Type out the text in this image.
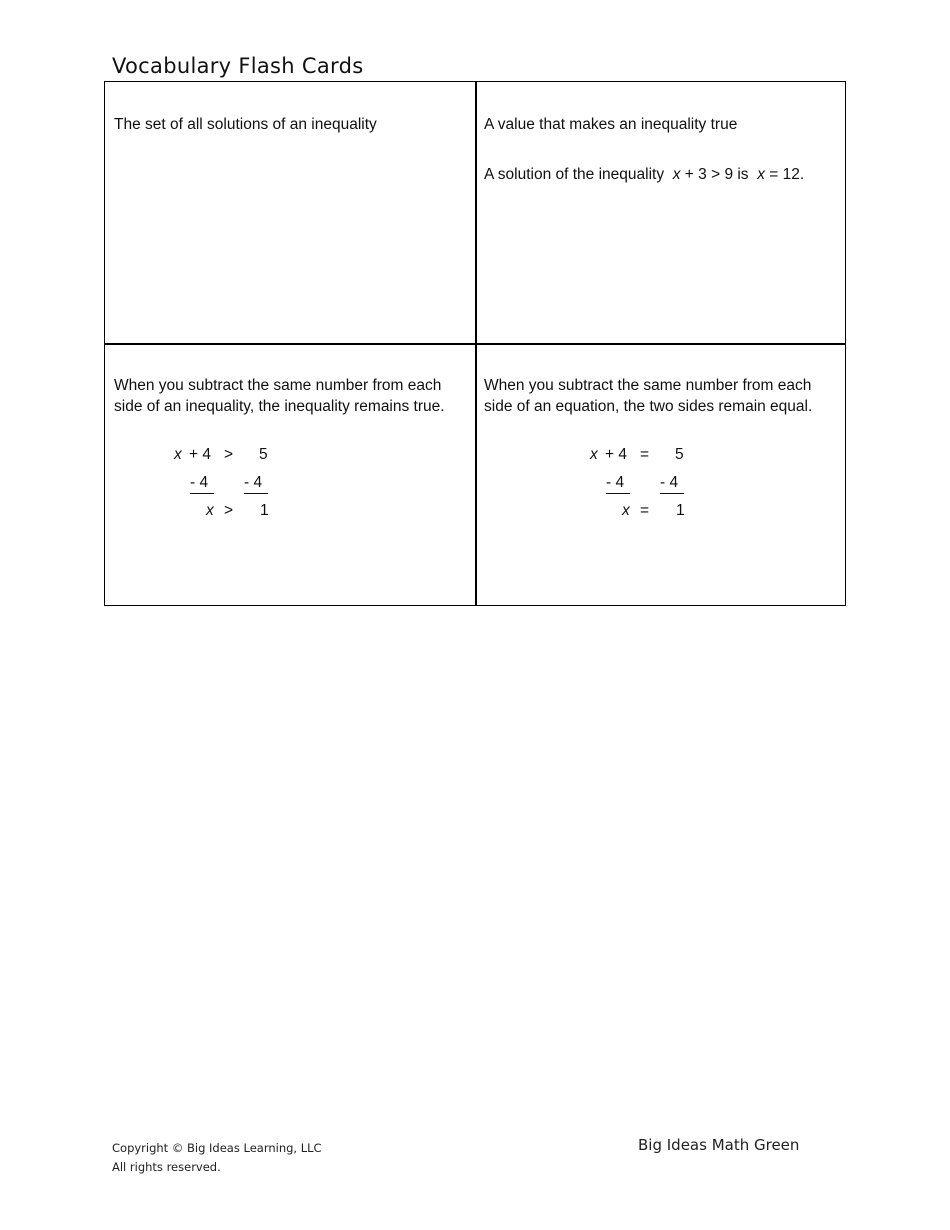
Vocabulary Flash Cards

The set of all solutions of an inequality	A value that makes an inequality true

A solution of the inequality x + 3 > 9 is x = 12.

When you subtract the same number from each

side of an inequality, the inequality remains true.

x + 4 > 5
- 4	- 4
x > 1

When you subtract the same number from each

side of an equation, the two sides remain equal.

x + 4 = 5
- 4	- 4
x = 1
Copyright © Big Ideas Learning, LLC
All rights reserved.
Big Ideas Math Green
